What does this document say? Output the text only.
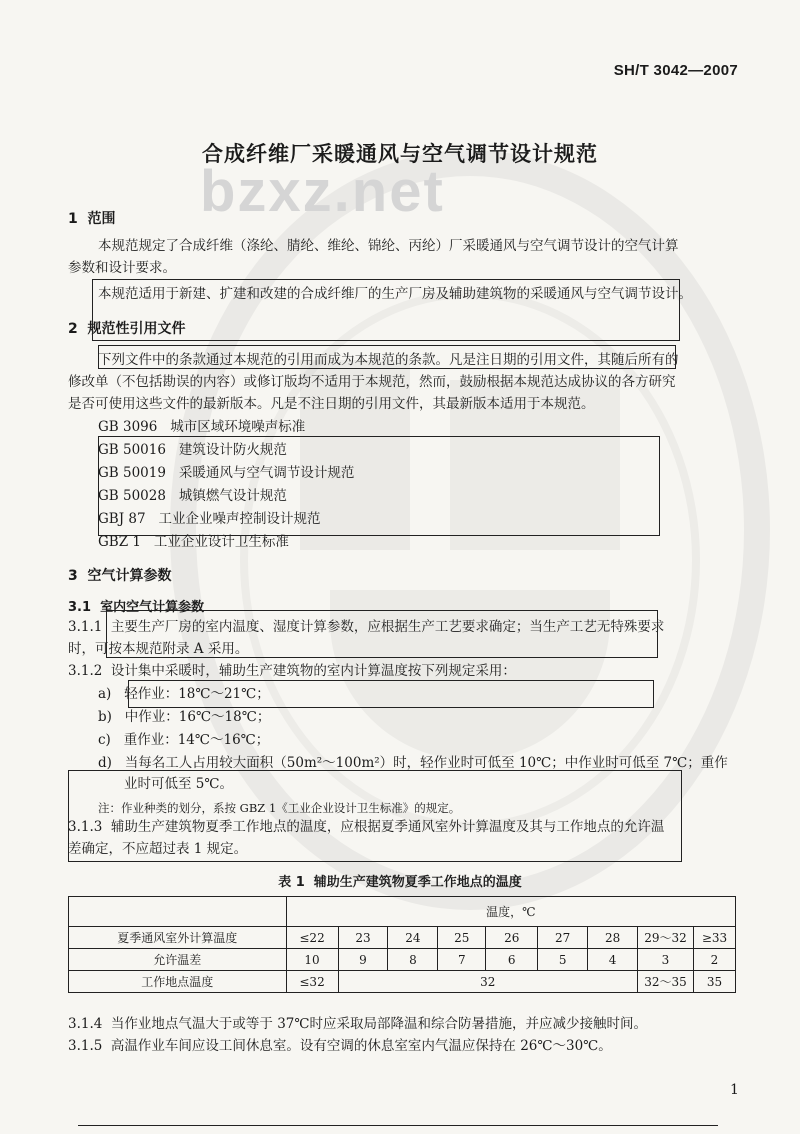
bzxz.net
SH/T 3042—2007
合成纤维厂采暖通风与空气调节设计规范
1  范围
本规范规定了合成纤维（涤纶、腈纶、维纶、锦纶、丙纶）厂采暖通风与空气调节设计的空气计算
参数和设计要求。
本规范适用于新建、扩建和改建的合成纤维厂的生产厂房及辅助建筑物的采暖通风与空气调节设计。
2  规范性引用文件
下列文件中的条款通过本规范的引用而成为本规范的条款。凡是注日期的引用文件，其随后所有的
修改单（不包括勘误的内容）或修订版均不适用于本规范，然而，鼓励根据本规范达成协议的各方研究
是否可使用这些文件的最新版本。凡是不注日期的引用文件，其最新版本适用于本规范。
GB 3096   城市区域环境噪声标准
GB 50016   建筑设计防火规范
GB 50019   采暖通风与空气调节设计规范
GB 50028   城镇燃气设计规范
GBJ 87   工业企业噪声控制设计规范
GBZ 1   工业企业设计卫生标准
3  空气计算参数
3.1  室内空气计算参数
3.1.1  主要生产厂房的室内温度、湿度计算参数，应根据生产工艺要求确定；当生产工艺无特殊要求
时，可按本规范附录 A 采用。
3.1.2  设计集中采暖时，辅助生产建筑物的室内计算温度按下列规定采用：
a)   轻作业：18℃～21℃；
b)   中作业：16℃～18℃；
c)   重作业：14℃～16℃；
d)   当每名工人占用较大面积（50m²～100m²）时，轻作业时可低至 10℃；中作业时可低至 7℃；重作
业时可低至 5℃。
注：作业种类的划分，系按 GBZ 1《工业企业设计卫生标准》的规定。
3.1.3  辅助生产建筑物夏季工作地点的温度，应根据夏季通风室外计算温度及其与工作地点的允许温
差确定，不应超过表 1 规定。
表 1  辅助生产建筑物夏季工作地点的温度
	温度，℃								
夏季通风室外计算温度	≤22	23	24	25	26	27	28	29～32	≥33
允许温差	10	9	8	7	6	5	4	3	2
工作地点温度	≤32	32						32～35	35
3.1.4  当作业地点气温大于或等于 37℃时应采取局部降温和综合防暑措施，并应减少接触时间。
3.1.5  高温作业车间应设工间休息室。设有空调的休息室室内气温应保持在 26℃～30℃。
1
